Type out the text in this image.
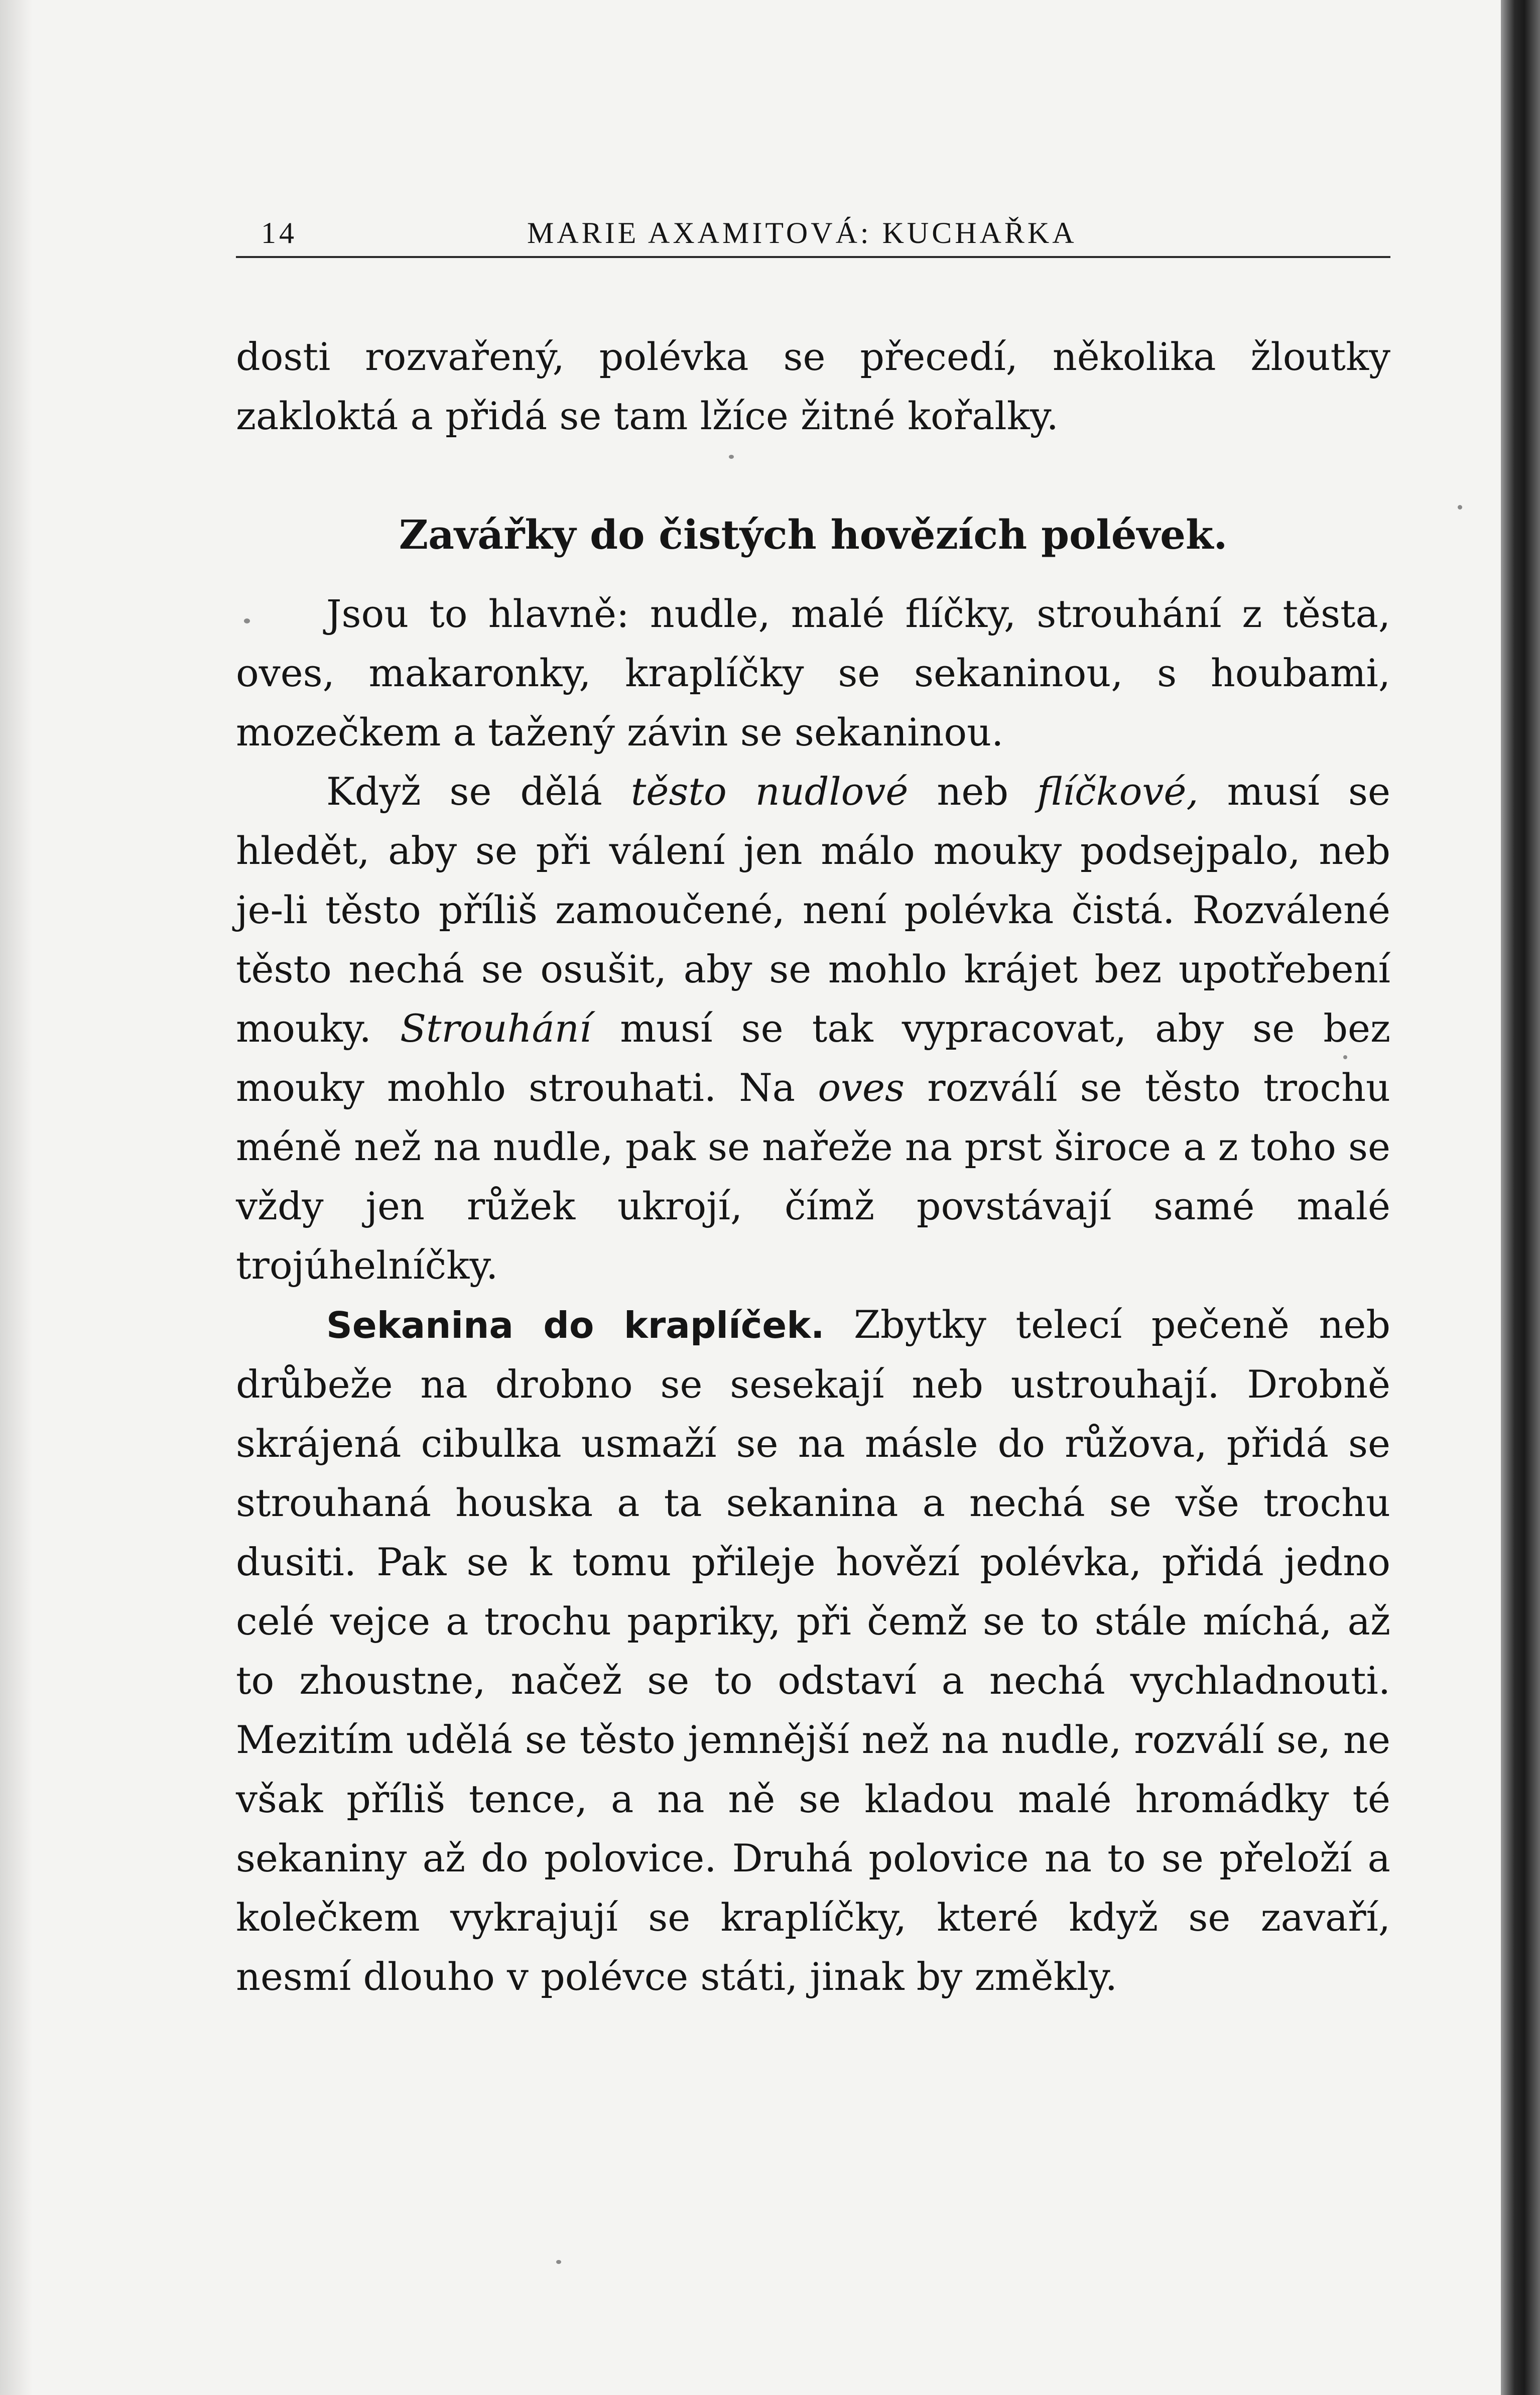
14	MARIE AXAMITOVÁ: KUCHAŘKA

dosti rozvařený, polévka se přecedí, několika žloutky zaklоktá a přidá se tam lžíce žitné kořalky.

Zavářky do čistých hovězích polévek.

Jsou to hlavně: nudle, malé flíčky, strouhání z těsta, oves, makaronky, kraplíčky se sekaninou, s houbami, mozečkem a tažený závin se sekaninou.

Když se dělá těsto nudlové neb flíčkové, musí se hledět, aby se při válení jen málo mouky podsejpalo, neb je-li těsto příliš zamoučené, není polévka čistá. Rozválené těsto nechá se osušit, aby se mohlo krájet bez upotřebení mouky. Strouhání musí se tak vypracovat, aby se bez mouky mohlo strouhati. Na oves rozválí se těsto trochu méně než na nudle, pak se nařeže na prst široce a z toho se vždy jen růžek ukrojí, čímž povstávají samé malé trojúhelníčky.

Sekanina do kraplíček. Zbytky telecí pečeně neb drůbeže na drobno se sesekají neb ustrouhají. Drobně skrájená cibulka usmaží se na másle do růžova, přidá se strouhaná houska a ta sekanina a nechá se vše trochu dusiti. Pak se k tomu přileje hovězí polévka, přidá jedno celé vejce a trochu papriky, při čemž se to stále míchá, až to zhoustne, načež se to odstaví a nechá vychladnouti. Mezitím udělá se těsto jemnější než na nudle, rozválí se, ne však příliš tence, a na ně se kladou malé hromádky té sekaniny až do polovice. Druhá polovice na to se přeloží a kolečkem vykrajují se kraplíčky, které když se zavaří, nesmí dlouho v polévce státi, jinak by změkly.
